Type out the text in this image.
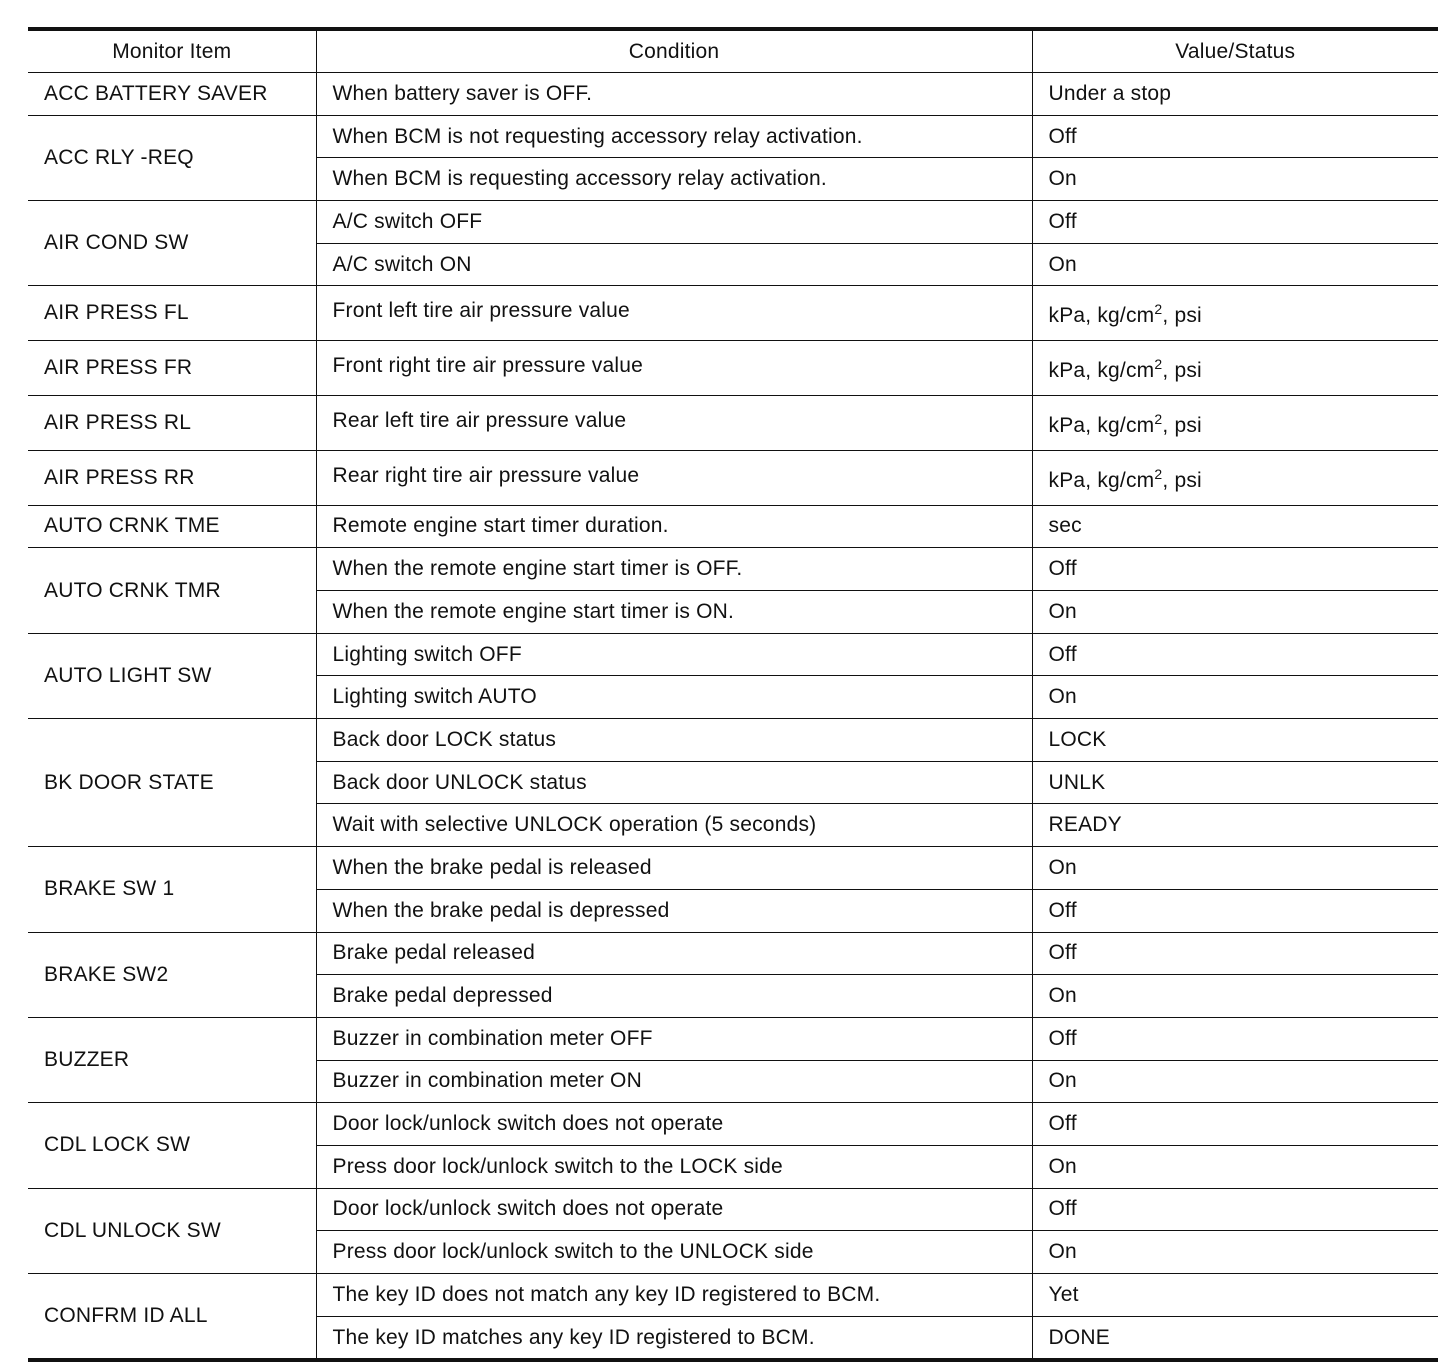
Monitor Item	Condition	Value/Status
ACC BATTERY SAVER	When battery saver is OFF.	Under a stop
ACC RLY -REQ	When BCM is not requesting accessory relay activation.	Off
	When BCM is requesting accessory relay activation.	On
AIR COND SW	A/C switch OFF	Off
	A/C switch ON	On
AIR PRESS FL	Front left tire air pressure value	kPa, $kg/cm^2$, psi
AIR PRESS FR	Front right tire air pressure value	kPa, $kg/cm^2$, psi
AIR PRESS RL	Rear left tire air pressure value	kPa, $kg/cm^2$, psi
AIR PRESS RR	Rear right tire air pressure value	kPa, $kg/cm^2$, psi
AUTO CRNK TME	Remote engine start timer duration.	sec
AUTO CRNK TMR	When the remote engine start timer is OFF.	Off
	When the remote engine start timer is ON.	On
AUTO LIGHT SW	Lighting switch OFF	Off
	Lighting switch AUTO	On
BK DOOR STATE	Back door LOCK status	LOCK
	Back door UNLOCK status	UNLK
	Wait with selective UNLOCK operation (5 seconds)	READY
BRAKE SW 1	When the brake pedal is released	On
	When the brake pedal is depressed	Off
BRAKE SW2	Brake pedal released	Off
	Brake pedal depressed	On
BUZZER	Buzzer in combination meter OFF	Off
	Buzzer in combination meter ON	On
CDL LOCK SW	Door lock/unlock switch does not operate	Off
	Press door lock/unlock switch to the LOCK side	On
CDL UNLOCK SW	Door lock/unlock switch does not operate	Off
	Press door lock/unlock switch to the UNLOCK side	On
CONFRM ID ALL	The key ID does not match any key ID registered to BCM.	Yet
	The key ID matches any key ID registered to BCM.	DONE
